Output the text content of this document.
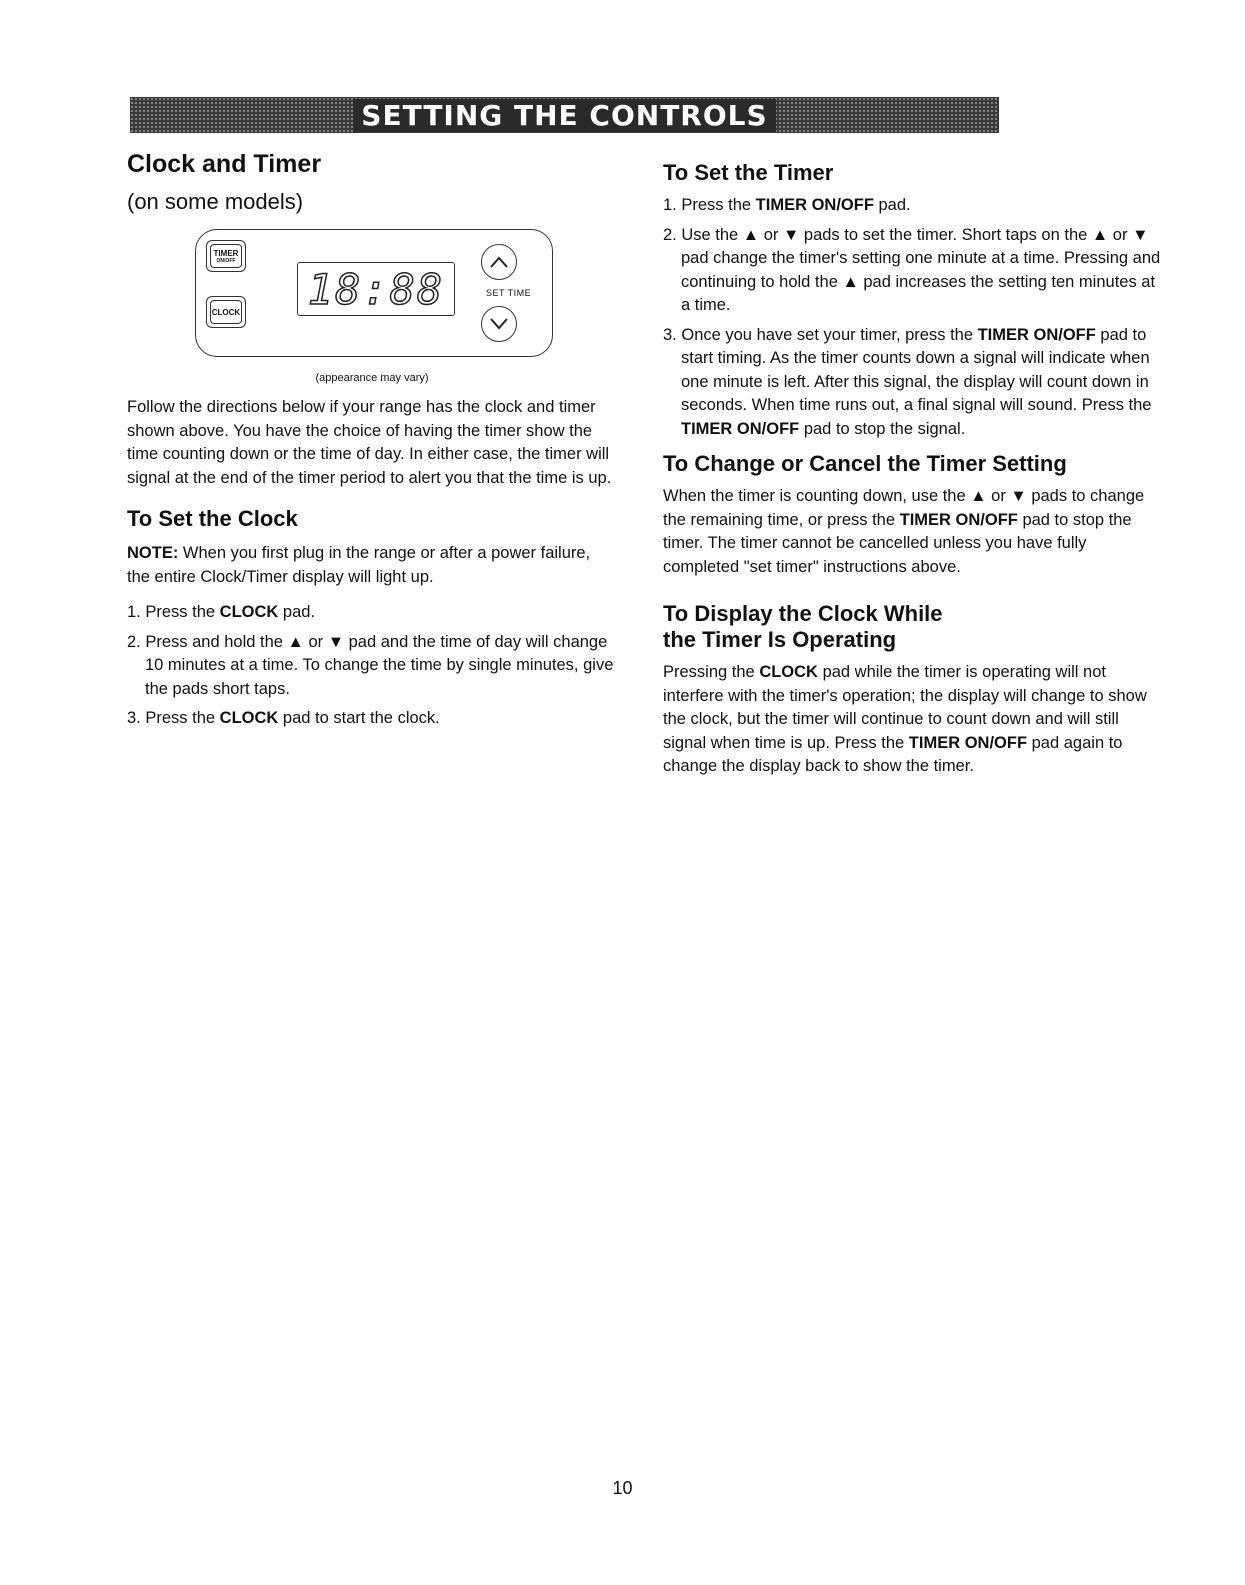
SETTING THE CONTROLS
Clock and Timer
(on some models)
TIMER
ON/OFF
CLOCK 18:88	SET TIME
(appearance may vary)

Follow the directions below if your range has the clock and timer shown above. You have the choice of having the timer show the time counting down or the time of day. In either case, the timer will signal at the end of the timer period to alert you that the time is up.

To Set the Clock

NOTE: When you first plug in the range or after a power failure, the entire Clock/Timer display will light up.

1. Press the CLOCK pad.
2. Press and hold the ▲ or ▼ pad and the time of day will change 10 minutes at a time. To change the time by single minutes, give the pads short taps.
3. Press the CLOCK pad to start the clock.
To Set the Timer
1. Press the TIMER ON/OFF pad.
2. Use the ▲ or ▼ pads to set the timer. Short taps on the ▲ or ▼ pad change the timer's setting one minute at a time. Pressing and continuing to hold the ▲ pad increases the setting ten minutes at a time.
3. Once you have set your timer, press the TIMER ON/OFF pad to start timing. As the timer counts down a signal will indicate when one minute is left. After this signal, the display will count down in seconds. When time runs out, a final signal will sound. Press the TIMER ON/OFF pad to stop the signal.
To Change or Cancel the Timer Setting

When the timer is counting down, use the ▲ or ▼ pads to change the remaining time, or press the TIMER ON/OFF pad to stop the timer. The timer cannot be cancelled unless you have fully completed "set timer" instructions above.

To Display the Clock While
the Timer Is Operating

Pressing the CLOCK pad while the timer is operating will not interfere with the timer's operation; the display will change to show the clock, but the timer will continue to count down and will still signal when time is up. Press the TIMER ON/OFF pad again to change the display back to show the timer.

10
